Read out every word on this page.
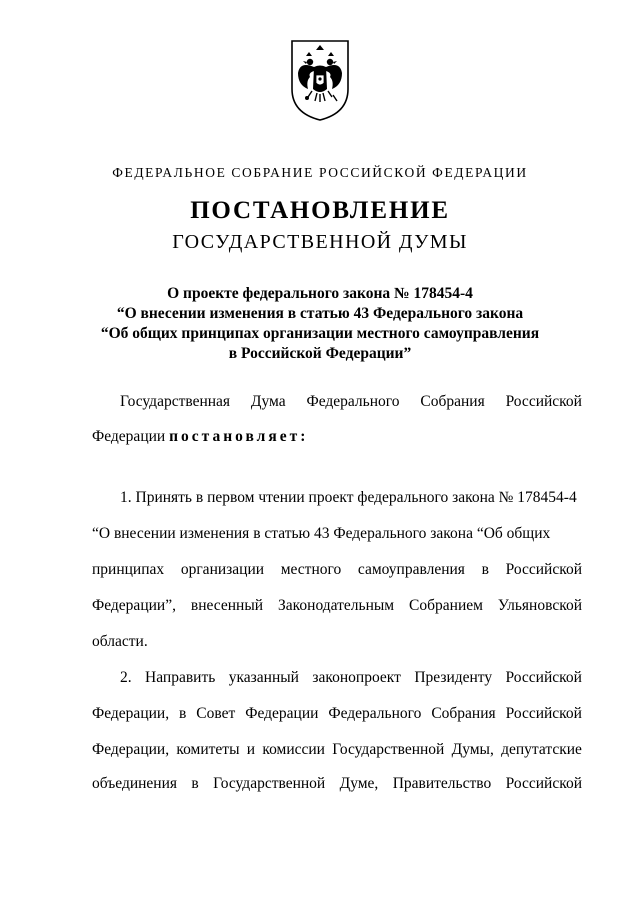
ФЕДЕРАЛЬНОЕ СОБРАНИЕ РОССИЙСКОЙ ФЕДЕРАЦИИ
ПОСТАНОВЛЕНИЕ
ГОСУДАРСТВЕННОЙ ДУМЫ
О проекте федерального закона № 178454-4
“О внесении изменения в статью 43 Федерального закона
“Об общих принципах организации местного самоуправления
в Российской Федерации”
Государственная Дума Федерального Собрания Российской
Федерации постановляет:
1. Принять в первом чтении проект федерального закона № 178454-4
“О внесении изменения в статью 43 Федерального закона “Об общих
принципах организации местного самоуправления в Российской
Федерации”, внесенный Законодательным Собранием Ульяновской
области.
2. Направить указанный законопроект Президенту Российской
Федерации, в Совет Федерации Федерального Собрания Российской
Федерации, комитеты и комиссии Государственной Думы, депутатские
объединения в Государственной Думе, Правительство Российской
